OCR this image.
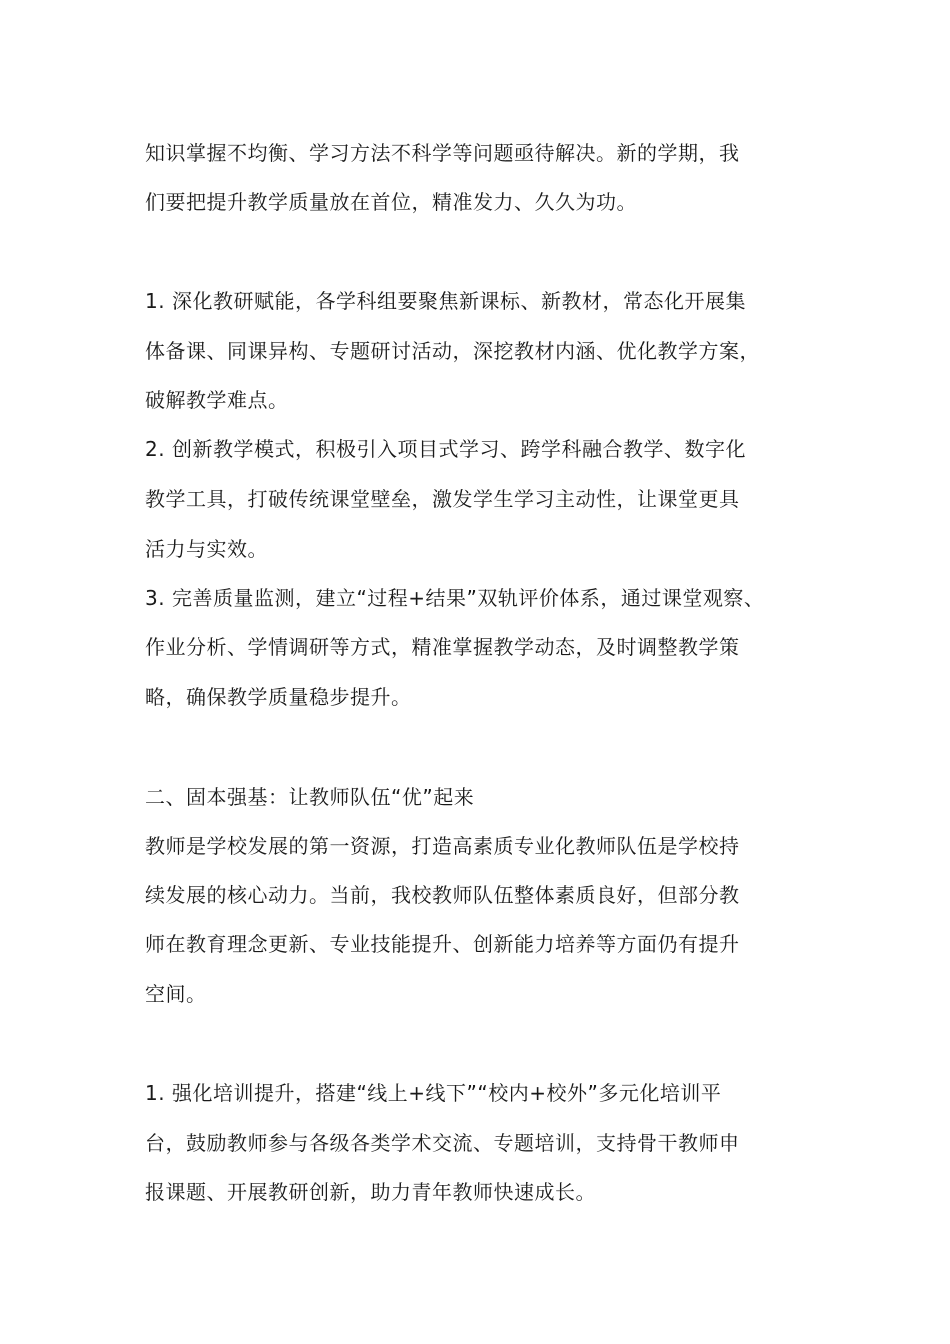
知识掌握不均衡、学习方法不科学等问题亟待解决。新的学期，我
们要把提升教学质量放在首位，精准发力、久久为功。
1. 深化教研赋能，各学科组要聚焦新课标、新教材，常态化开展集
体备课、同课异构、专题研讨活动，深挖教材内涵、优化教学方案，
破解教学难点。
2. 创新教学模式，积极引入项目式学习、跨学科融合教学、数字化
教学工具，打破传统课堂壁垒，激发学生学习主动性，让课堂更具
活力与实效。
3. 完善质量监测，建立“过程+结果”双轨评价体系，通过课堂观察、
作业分析、学情调研等方式，精准掌握教学动态，及时调整教学策
略，确保教学质量稳步提升。
二、固本强基：让教师队伍“优”起来
教师是学校发展的第一资源，打造高素质专业化教师队伍是学校持
续发展的核心动力。当前，我校教师队伍整体素质良好，但部分教
师在教育理念更新、专业技能提升、创新能力培养等方面仍有提升
空间。
1. 强化培训提升，搭建“线上+线下”“校内+校外”多元化培训平
台，鼓励教师参与各级各类学术交流、专题培训，支持骨干教师申
报课题、开展教研创新，助力青年教师快速成长。
